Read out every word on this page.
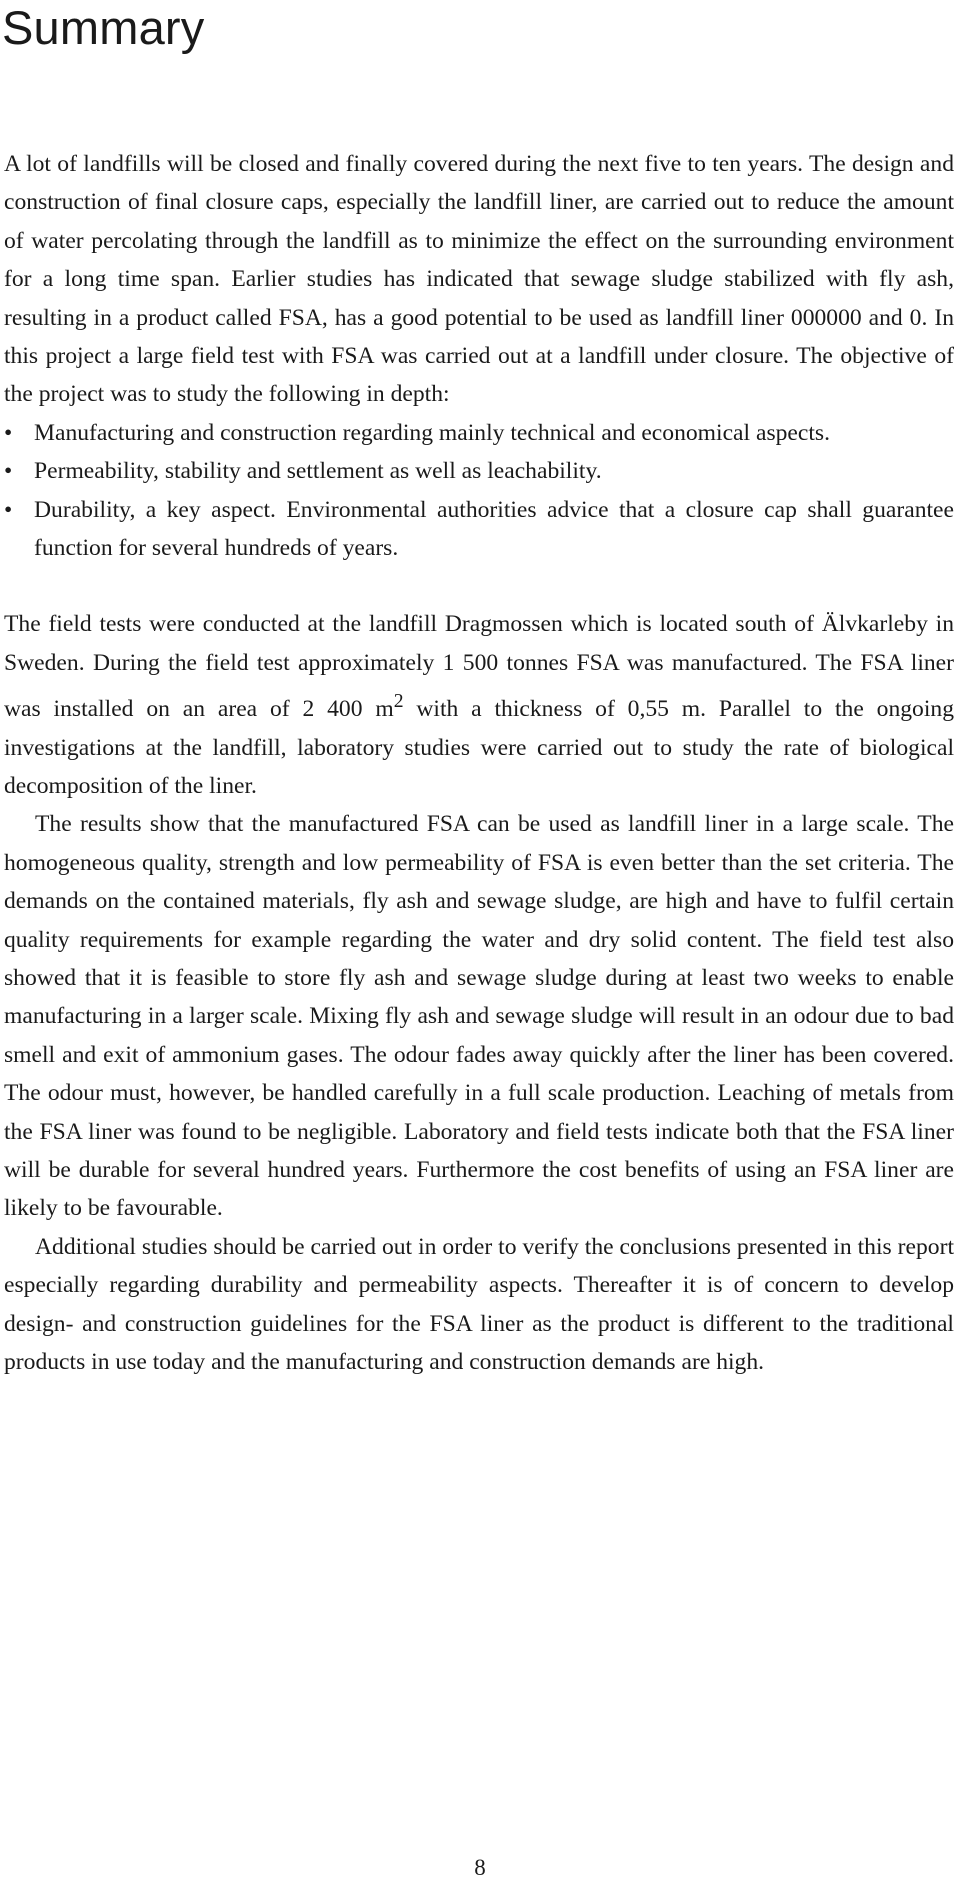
Summary

A lot of landfills will be closed and finally covered during the next five to ten years. The design and construction of final closure caps, especially the landfill liner, are carried out to reduce the amount of water percolating through the landfill as to minimize the effect on the surrounding environment for a long time span. Earlier studies has indicated that sewage sludge stabilized with fly ash, resulting in a product called FSA, has a good potential to be used as landfill liner 000000 and 0. In this project a large field test with FSA was carried out at a landfill under closure. The objective of the project was to study the following in depth:

• Manufacturing and construction regarding mainly technical and economical aspects.
• Permeability, stability and settlement as well as leachability.
• Durability, a key aspect. Environmental authorities advice that a closure cap shall guarantee function for several hundreds of years.

The field tests were conducted at the landfill Dragmossen which is located south of Älvkarleby in Sweden. During the field test approximately 1 500 tonnes FSA was manufactured. The FSA liner was installed on an area of 2 400 $m^2$ with a thickness of 0,55 m. Parallel to the ongoing investigations at the landfill, laboratory studies were carried out to study the rate of biological decomposition of the liner.

The results show that the manufactured FSA can be used as landfill liner in a large scale. The homogeneous quality, strength and low permeability of FSA is even better than the set criteria. The demands on the contained materials, fly ash and sewage sludge, are high and have to fulfil certain quality requirements for example regarding the water and dry solid content. The field test also showed that it is feasible to store fly ash and sewage sludge during at least two weeks to enable manufacturing in a larger scale. Mixing fly ash and sewage sludge will result in an odour due to bad smell and exit of ammonium gases. The odour fades away quickly after the liner has been covered. The odour must, however, be handled carefully in a full scale production. Leaching of metals from the FSA liner was found to be negligible. Laboratory and field tests indicate both that the FSA liner will be durable for several hundred years. Furthermore the cost benefits of using an FSA liner are likely to be favourable.

Additional studies should be carried out in order to verify the conclusions presented in this report especially regarding durability and permeability aspects. Thereafter it is of concern to develop design- and construction guidelines for the FSA liner as the product is different to the traditional products in use today and the manufacturing and construction demands are high.

8
